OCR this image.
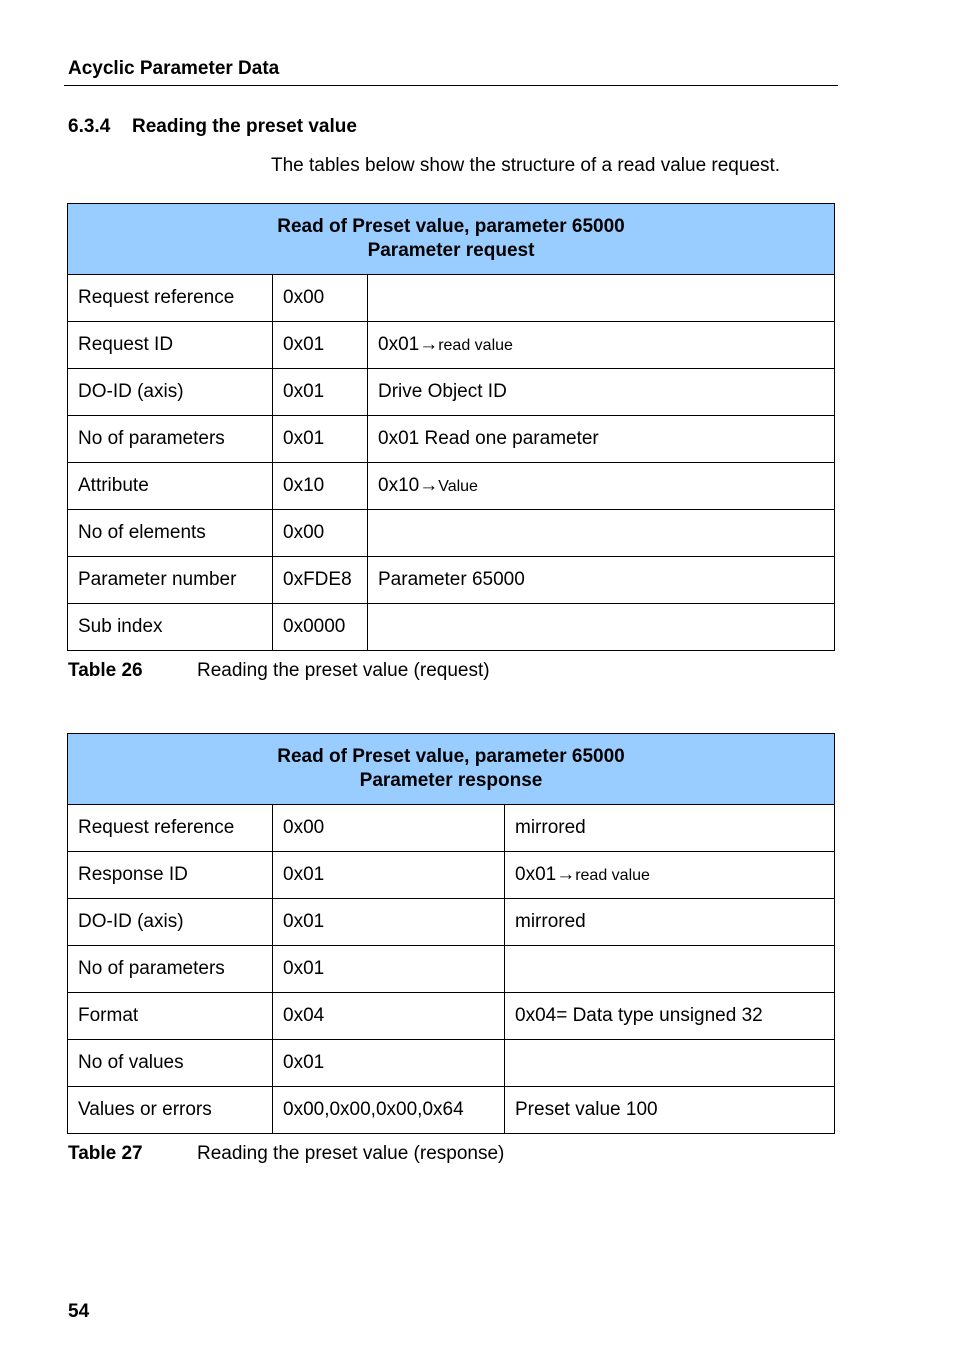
Acyclic Parameter Data
6.3.4 Reading the preset value
The tables below show the structure of a read value request.
Read of Preset value, parameter 65000
Parameter request		

Request reference	0x00	
Request ID	0x01	0x01→read value
DO-ID (axis)	0x01	Drive Object ID
No of parameters	0x01	0x01 Read one parameter
Attribute	0x10	0x10→Value
No of elements	0x00	
Parameter number	0xFDE8	Parameter 65000
Sub index	0x0000	
Table 26	Reading the preset value (request)
Read of Preset value, parameter 65000
Parameter response		

Request reference	0x00	mirrored
Response ID	0x01	0x01→read value
DO-ID (axis)	0x01	mirrored
No of parameters	0x01	
Format	0x04	0x04= Data type unsigned 32
No of values	0x01	
Values or errors	0x00,0x00,0x00,0x64	Preset value 100
Table 27	Reading the preset value (response)
54
